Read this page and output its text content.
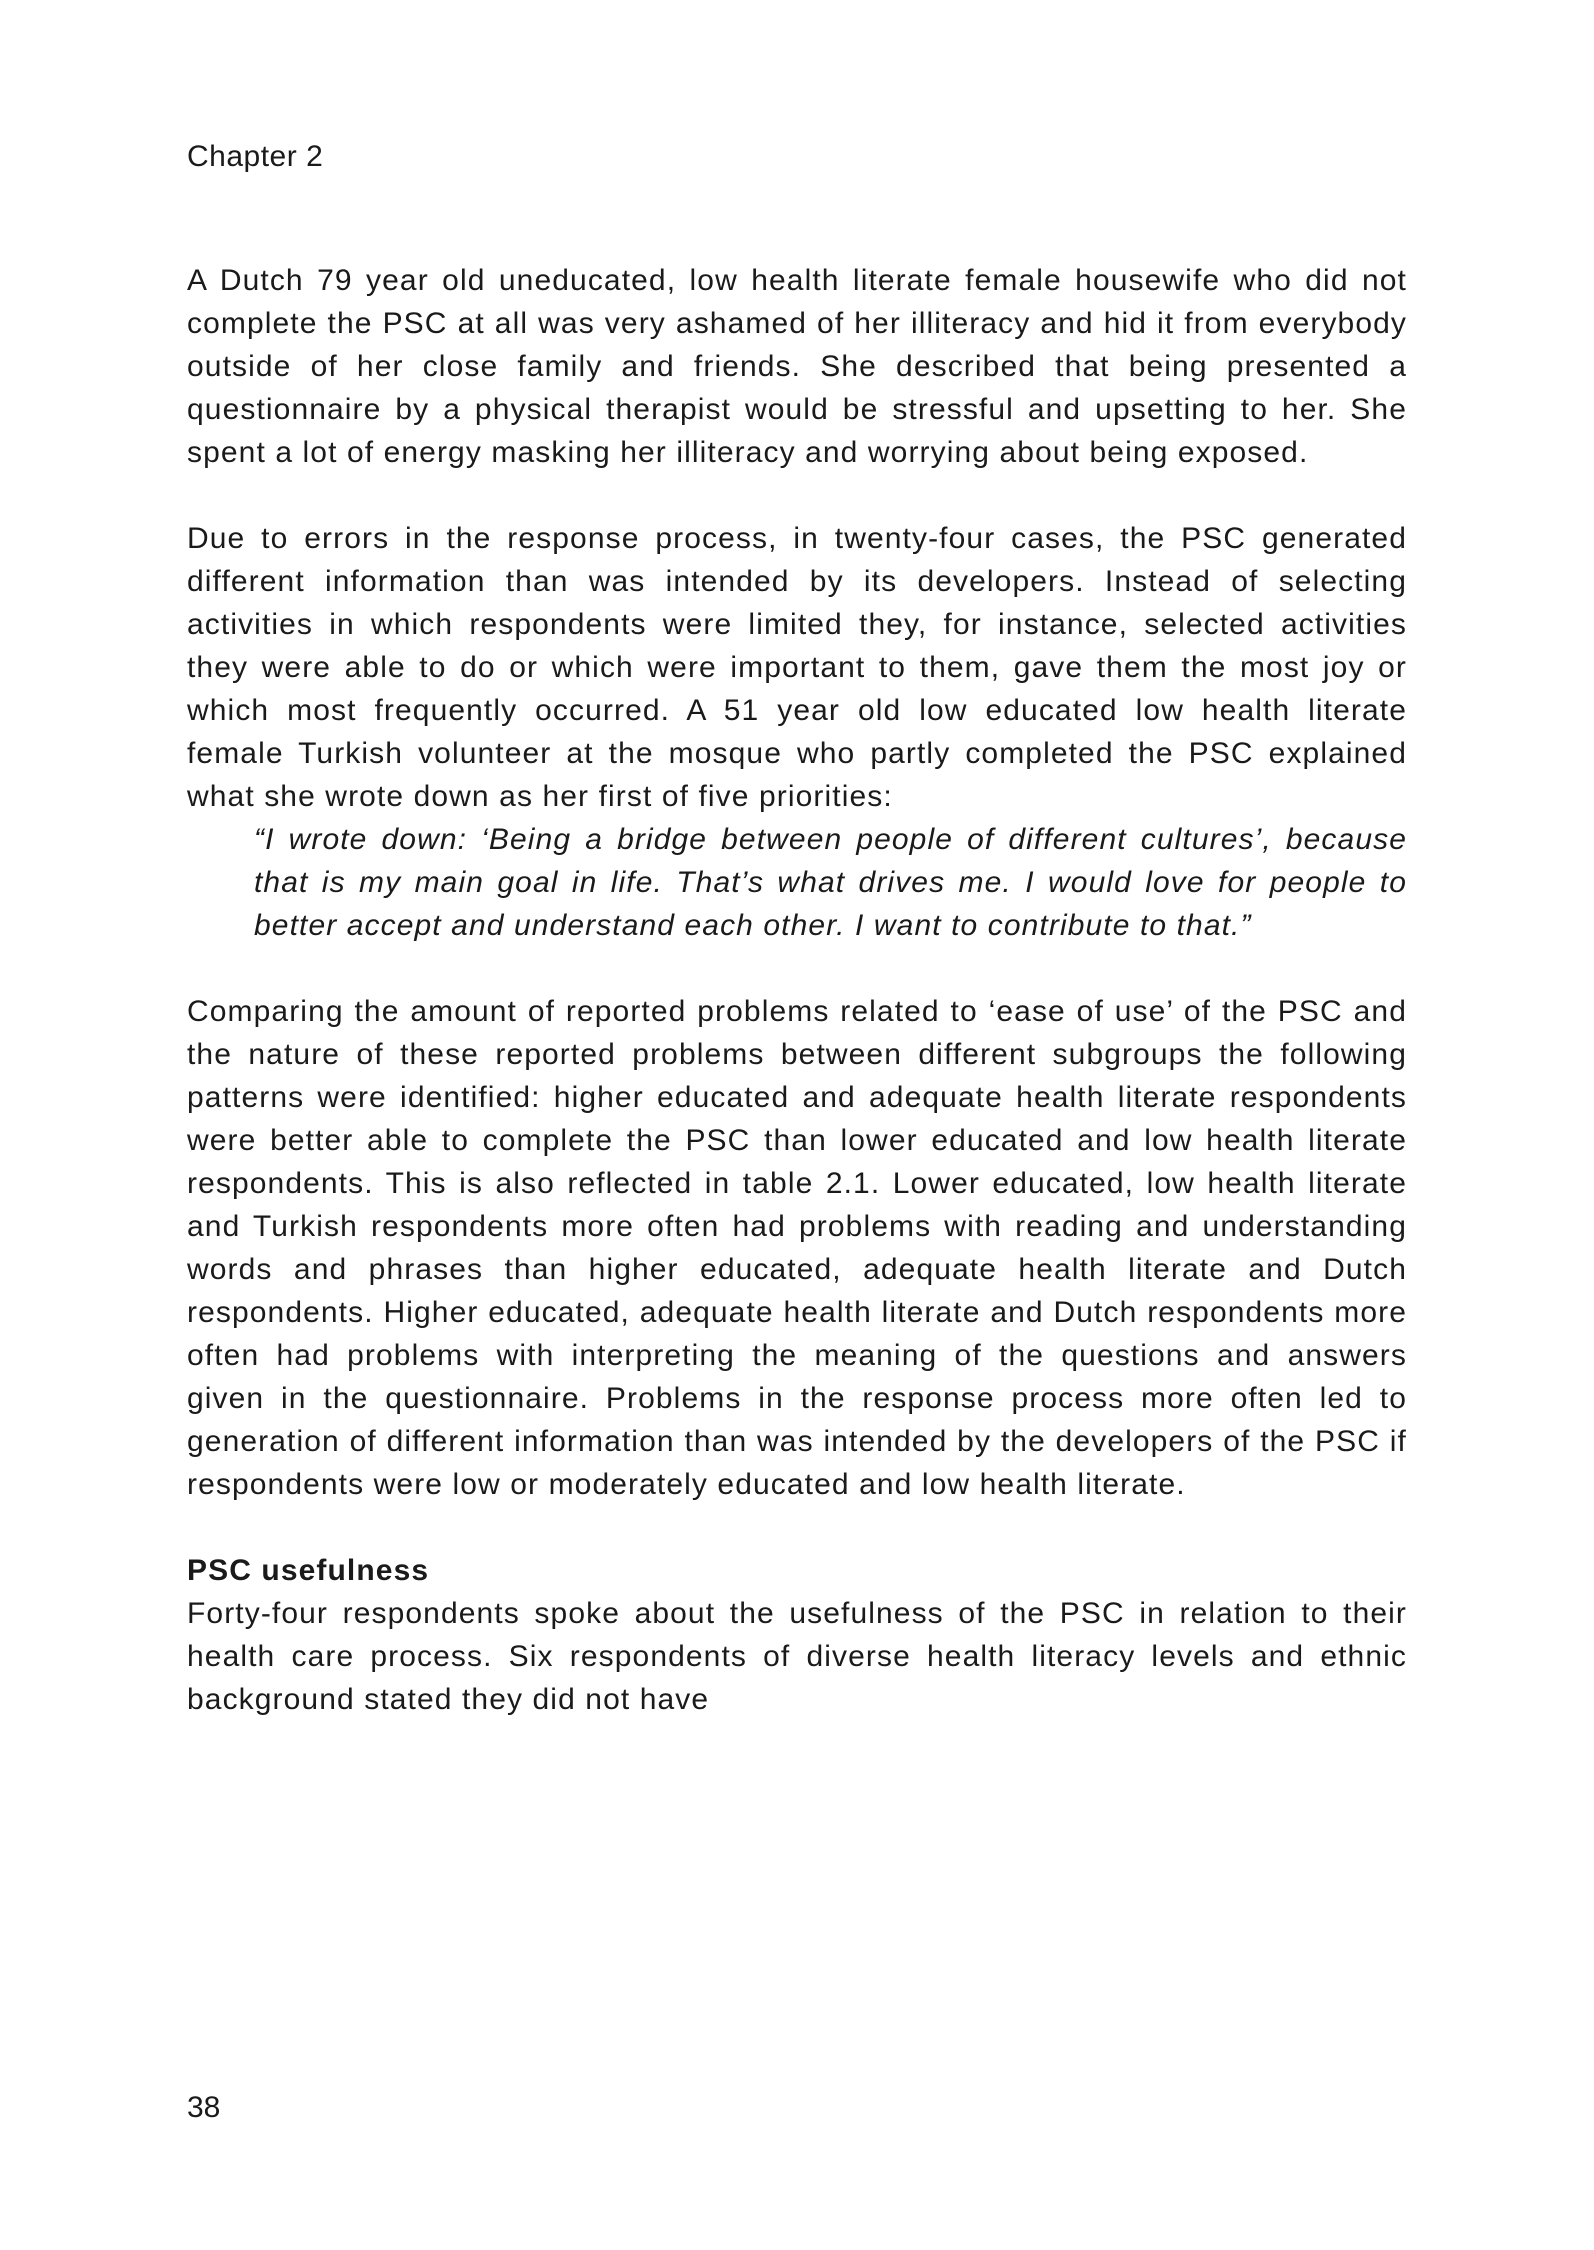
Chapter 2

A Dutch 79 year old uneducated, low health literate female housewife who did not complete the PSC at all was very ashamed of her illiteracy and hid it from everybody outside of her close family and friends. She described that being presented a questionnaire by a physical therapist would be stressful and upsetting to her. She spent a lot of energy masking her illiteracy and worrying about being exposed.

Due to errors in the response process, in twenty-four cases, the PSC generated different information than was intended by its developers. Instead of selecting activities in which respondents were limited they, for instance, selected activities they were able to do or which were important to them, gave them the most joy or which most frequently occurred. A 51 year old low educated low health literate female Turkish volunteer at the mosque who partly completed the PSC explained what she wrote down as her first of five priorities:

“I wrote down: ‘Being a bridge between people of different cultures’, because that is my main goal in life. That’s what drives me. I would love for people to better accept and understand each other. I want to contribute to that.”

Comparing the amount of reported problems related to ‘ease of use’ of the PSC and the nature of these reported problems between different subgroups the following patterns were identified: higher educated and adequate health literate respondents were better able to complete the PSC than lower educated and low health literate respondents. This is also reflected in table 2.1. Lower educated, low health literate and Turkish respondents more often had problems with reading and understanding words and phrases than higher educated, adequate health literate and Dutch respondents. Higher educated, adequate health literate and Dutch respondents more often had problems with interpreting the meaning of the questions and answers given in the questionnaire. Problems in the response process more often led to generation of different information than was intended by the developers of the PSC if respondents were low or moderately educated and low health literate.

PSC usefulness

Forty-four respondents spoke about the usefulness of the PSC in relation to their health care process. Six respondents of diverse health literacy levels and ethnic background stated they did not have

38
